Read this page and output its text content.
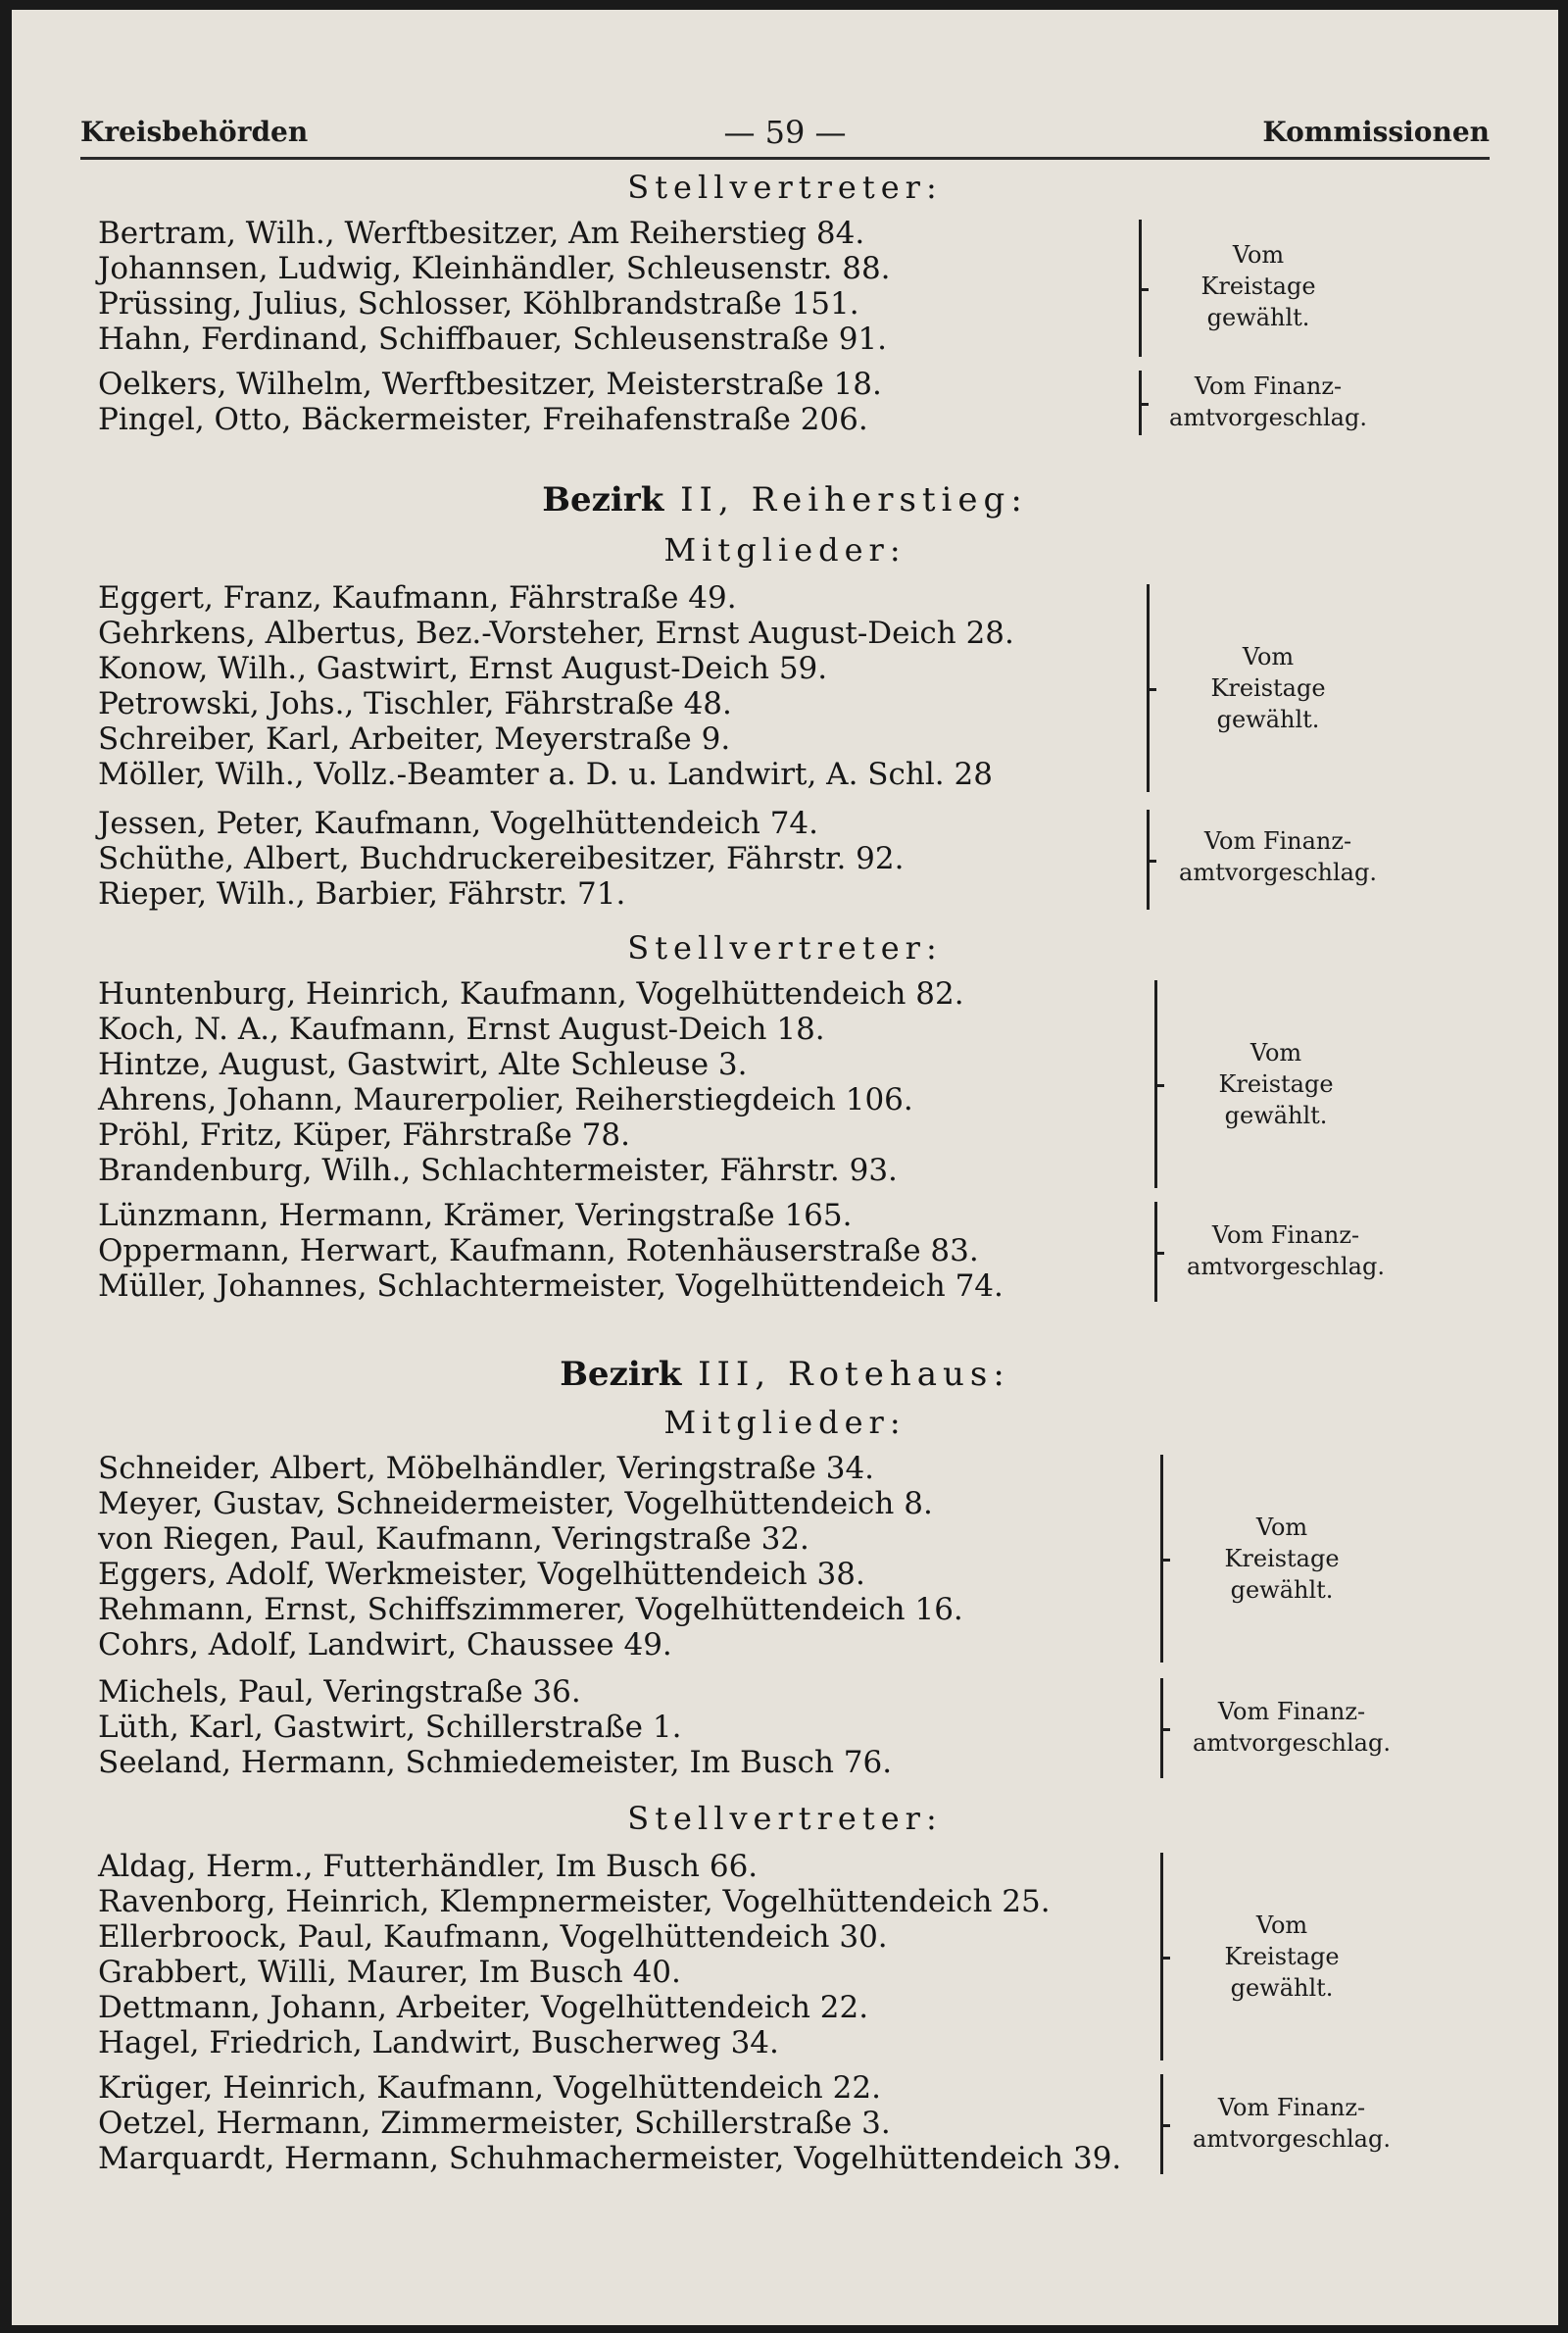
Kreisbehörden	— 59 —	Kommissionen
Stellvertreter:
Bertram, Wilh., Werftbesitzer, Am Reiherstieg 84.
Johannsen, Ludwig, Kleinhändler, Schleusenstr. 88.
Prüssing, Julius, Schlosser, Köhlbrandstraße 151.
Hahn, Ferdinand, Schiffbauer, Schleusenstraße 91.
Vom
Kreistage
gewählt.
Oelkers, Wilhelm, Werftbesitzer, Meisterstraße 18.
Pingel, Otto, Bäckermeister, Freihafenstraße 206.
Vom Finanz-
amtvorgeschlag.
Bezirk II, Reiherstieg:
Mitglieder:
Eggert, Franz, Kaufmann, Fährstraße 49.
Gehrkens, Albertus, Bez.-Vorsteher, Ernst August-Deich 28.
Konow, Wilh., Gastwirt, Ernst August-Deich 59.
Petrowski, Johs., Tischler, Fährstraße 48.
Schreiber, Karl, Arbeiter, Meyerstraße 9.
Möller, Wilh., Vollz.-Beamter a. D. u. Landwirt, A. Schl. 28
Vom
Kreistage
gewählt.
Jessen, Peter, Kaufmann, Vogelhüttendeich 74.
Schüthe, Albert, Buchdruckereibesitzer, Fährstr. 92.
Rieper, Wilh., Barbier, Fährstr. 71.
Vom Finanz-
amtvorgeschlag.
Stellvertreter:
Huntenburg, Heinrich, Kaufmann, Vogelhüttendeich 82.
Koch, N. A., Kaufmann, Ernst August-Deich 18.
Hintze, August, Gastwirt, Alte Schleuse 3.
Ahrens, Johann, Maurerpolier, Reiherstiegdeich 106.
Pröhl, Fritz, Küper, Fährstraße 78.
Brandenburg, Wilh., Schlachtermeister, Fährstr. 93.
Vom
Kreistage
gewählt.
Lünzmann, Hermann, Krämer, Veringstraße 165.
Oppermann, Herwart, Kaufmann, Rotenhäuserstraße 83.
Müller, Johannes, Schlachtermeister, Vogelhüttendeich 74.
Vom Finanz-
amtvorgeschlag.
Bezirk III, Rotehaus:
Mitglieder:
Schneider, Albert, Möbelhändler, Veringstraße 34.
Meyer, Gustav, Schneidermeister, Vogelhüttendeich 8.
von Riegen, Paul, Kaufmann, Veringstraße 32.
Eggers, Adolf, Werkmeister, Vogelhüttendeich 38.
Rehmann, Ernst, Schiffszimmerer, Vogelhüttendeich 16.
Cohrs, Adolf, Landwirt, Chaussee 49.
Vom
Kreistage
gewählt.
Michels, Paul, Veringstraße 36.
Lüth, Karl, Gastwirt, Schillerstraße 1.
Seeland, Hermann, Schmiedemeister, Im Busch 76.
Vom Finanz-
amtvorgeschlag.
Stellvertreter:
Aldag, Herm., Futterhändler, Im Busch 66.
Ravenborg, Heinrich, Klempnermeister, Vogelhüttendeich 25.
Ellerbroock, Paul, Kaufmann, Vogelhüttendeich 30.
Grabbert, Willi, Maurer, Im Busch 40.
Dettmann, Johann, Arbeiter, Vogelhüttendeich 22.
Hagel, Friedrich, Landwirt, Buscherweg 34.
Vom
Kreistage
gewählt.
Krüger, Heinrich, Kaufmann, Vogelhüttendeich 22.
Oetzel, Hermann, Zimmermeister, Schillerstraße 3.
Marquardt, Hermann, Schuhmachermeister, Vogelhüttendeich 39.
Vom Finanz-
amtvorgeschlag.
